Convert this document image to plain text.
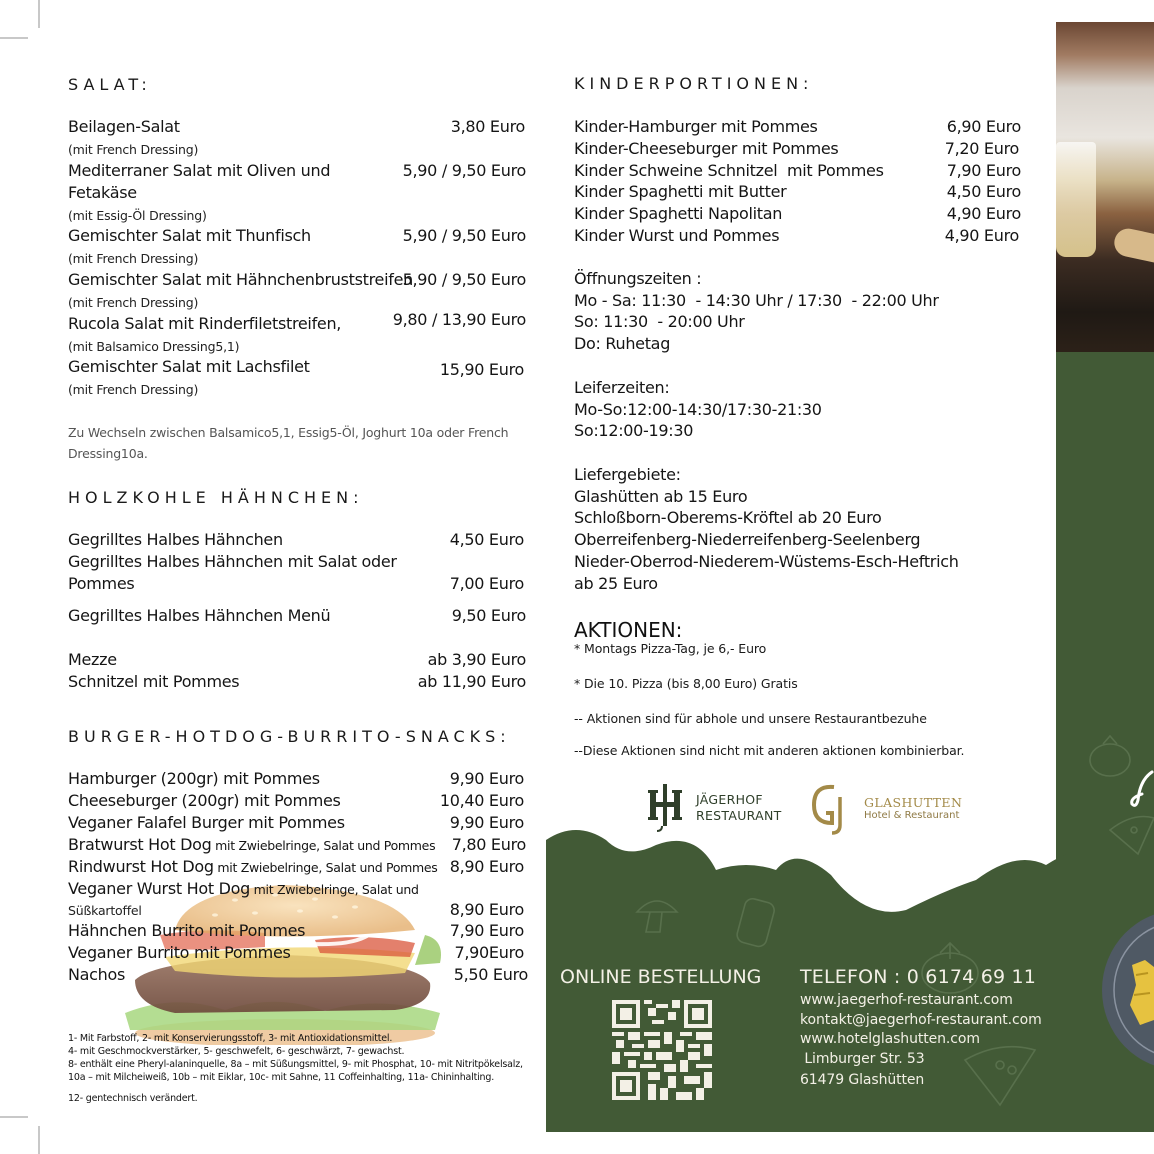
SALAT:
Beilagen-Salat	3,80 Euro
(mit French Dressing)
Mediterraner Salat mit Oliven und
Fetakäse
5,90 / 9,50 Euro
(mit Essig-Öl Dressing)
Gemischter Salat mit Thunfisch	5,90 / 9,50 Euro
(mit French Dressing)
Gemischter Salat mit Hähnchenbruststreifen
5,90 / 9,50 Euro
(mit French Dressing)
Rucola Salat mit Rinderfiletstreifen,	9,80 / 13,90 Euro
(mit Balsamico Dressing5,1)
Gemischter Salat mit Lachsfilet	15,90 Euro
(mit French Dressing)
Zu Wechseln zwischen Balsamico5,1, Essig5-Öl, Joghurt 10a oder French
Dressing10a.
HOLZKOHLE HÄHNCHEN:
Gegrilltes Halbes Hähnchen	4,50 Euro
Gegrilltes Halbes Hähnchen mit Salat oder
Pommes	7,00 Euro
Gegrilltes Halbes Hähnchen Menü	9,50 Euro
Mezze	ab 3,90 Euro
Schnitzel mit Pommes	ab 11,90 Euro
BURGER-HOTDOG-BURRITO-SNACKS:
Hamburger (200gr) mit Pommes	9,90 Euro
Cheeseburger (200gr) mit Pommes	10,40 Euro
Veganer Falafel Burger mit Pommes	9,90 Euro
Bratwurst Hot Dog mit Zwiebelringe, Salat und Pommes 7,80 Euro
Rindwurst Hot Dog mit Zwiebelringe, Salat und Pommes 8,90 Euro
Veganer Wurst Hot Dog mit Zwiebelringe, Salat und
Süßkartoffel	8,90 Euro
Hähnchen Burrito mit Pommes	7,90 Euro
Veganer Burrito mit Pommes	7,90Euro
Nachos	5,50 Euro
1- Mit Farbstoff, 2- mit Konservierungsstoff, 3- mit Antioxidationsmittel.
4- mit Geschmockverstärker, 5- geschwefelt, 6- geschwärzt, 7- gewachst.
8- enthält eine Pheryl-alaninquelle, 8a – mit Süßungsmittel, 9- mit Phosphat, 10- mit Nitritpökelsalz,
10a – mit Milcheiweiß, 10b – mit Eiklar, 10c- mit Sahne, 11 Coffeinhalting, 11a- Chininhalting.
12- gentechnisch verändert.
KINDERPORTIONEN:
Kinder-Hamburger mit Pommes	6,90 Euro
Kinder-Cheeseburger mit Pommes	7,20 Euro
Kinder Schweine Schnitzel  mit Pommes	7,90 Euro
Kinder Spaghetti mit Butter	4,50 Euro
Kinder Spaghetti Napolitan	4,90 Euro
Kinder Wurst und Pommes	4,90 Euro
Öffnungszeiten :
Mo - Sa: 11:30  - 14:30 Uhr / 17:30  - 22:00 Uhr
So: 11:30  - 20:00 Uhr
Do: Ruhetag
Leiferzeiten:
Mo-So:12:00-14:30/17:30-21:30
So:12:00-19:30
Liefergebiete:
Glashütten ab 15 Euro
Schloßborn-Oberems-Kröftel ab 20 Euro
Oberreifenberg-Niederreifenberg-Seelenberg
Nieder-Oberrod-Niederem-Wüstems-Esch-Heftrich
ab 25 Euro
AKTIONEN:
* Montags Pizza-Tag, je 6,- Euro
* Die 10. Pizza (bis 8,00 Euro) Gratis
-- Aktionen sind für abhole und unsere Restaurantbezuhe
--Diese Aktionen sind nicht mit anderen aktionen kombinierbar.
JÄGERHOF
RESTAURANT
GLASHUTTEN
Hotel & Restaurant
ONLINE BESTELLUNG TELEFON : 0 6174 69 11
www.jaegerhof-restaurant.com
kontakt@jaegerhof-restaurant.com
www.hotelglashutten.com
Limburger Str. 53
61479 Glashütten
